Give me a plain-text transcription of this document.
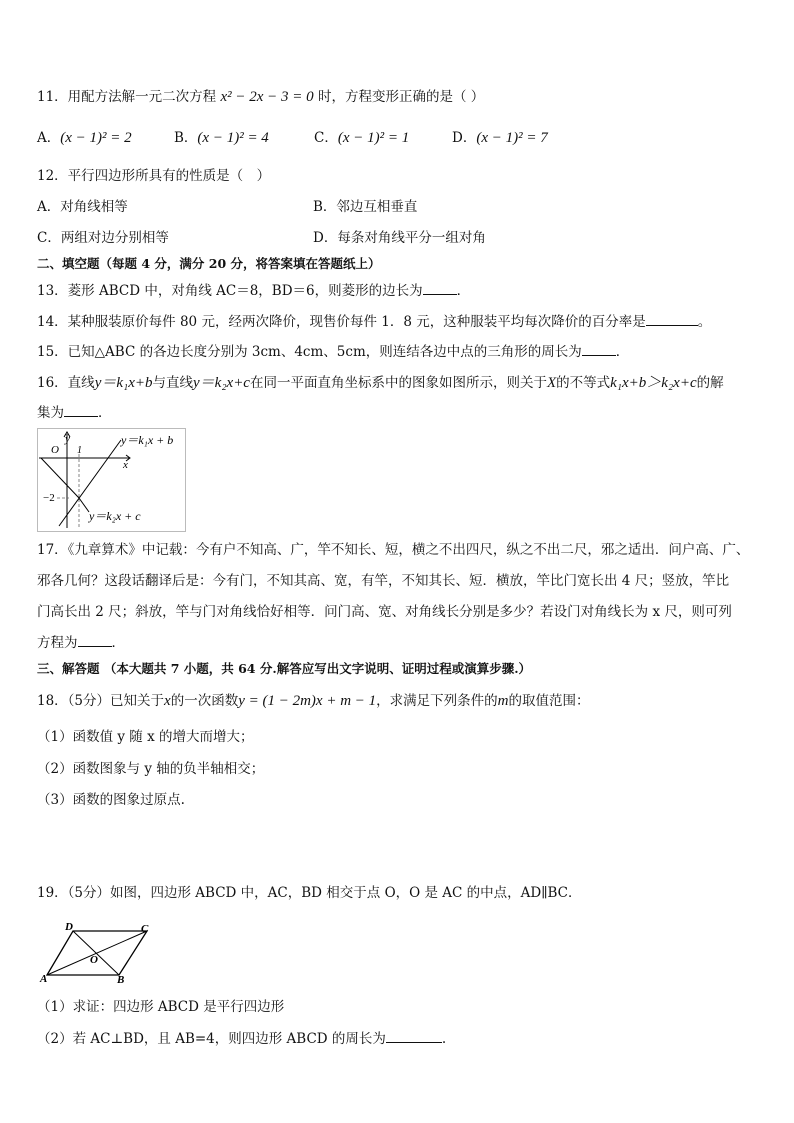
11．用配方法解一元二次方程 x² − 2x − 3 = 0 时，方程变形正确的是（ ）
A．(x − 1)² = 2	B．(x − 1)² = 4	C．(x − 1)² = 1	D．(x − 1)² = 7
12．平行四边形所具有的性质是（　）
A．对角线相等	B．邻边互相垂直
C．两组对边分别相等	D．每条对角线平分一组对角
二、填空题（每题 4 分，满分 20 分，将答案填在答题纸上）
13．菱形 ABCD 中，对角线 AC＝8，BD＝6，则菱形的边长为	．
14．某种服装原价每件 80 元，经两次降价，现售价每件 1．8 元，这种服装平均每次降价的百分率是	。
15．已知△ABC 的各边长度分别为 3cm、4cm、5cm，则连结各边中点的三角形的周长为	．
16．直线y＝k₁x+b与直线y＝k₂x+c在同一平面直角坐标系中的图象如图所示，则关于X的不等式k₁x+b＞k₂x+c的解
集为	．
y
O 1
x
−2
y＝k₁x + b
y＝k₂x + c
17．《九章算术》中记载：今有户不知高、广，竿不知长、短，横之不出四尺，纵之不出二尺，邪之适出．问户高、广、
邪各几何？这段话翻译后是：今有门，不知其高、宽，有竿，不知其长、短．横放，竿比门宽长出 4 尺；竖放，竿比
门高长出 2 尺；斜放，竿与门对角线恰好相等．问门高、宽、对角线长分别是多少？若设门对角线长为 x 尺，则可列
方程为	．
三、解答题 （本大题共 7 小题，共 64 分.解答应写出文字说明、证明过程或演算步骤.）
18．（5分）已知关于x的一次函数y = (1 − 2m)x + m − 1，求满足下列条件的m的取值范围：
（1）函数值 y 随 x 的增大而增大；
（2）函数图象与 y 轴的负半轴相交；
（3）函数的图象过原点.
19．（5分）如图，四边形 ABCD 中，AC，BD 相交于点 O，O 是 AC 的中点，AD∥BC．
D	C
A	B
O
（1）求证：四边形 ABCD 是平行四边形
（2）若 AC⊥BD，且 AB=4，则四边形 ABCD 的周长为	.
